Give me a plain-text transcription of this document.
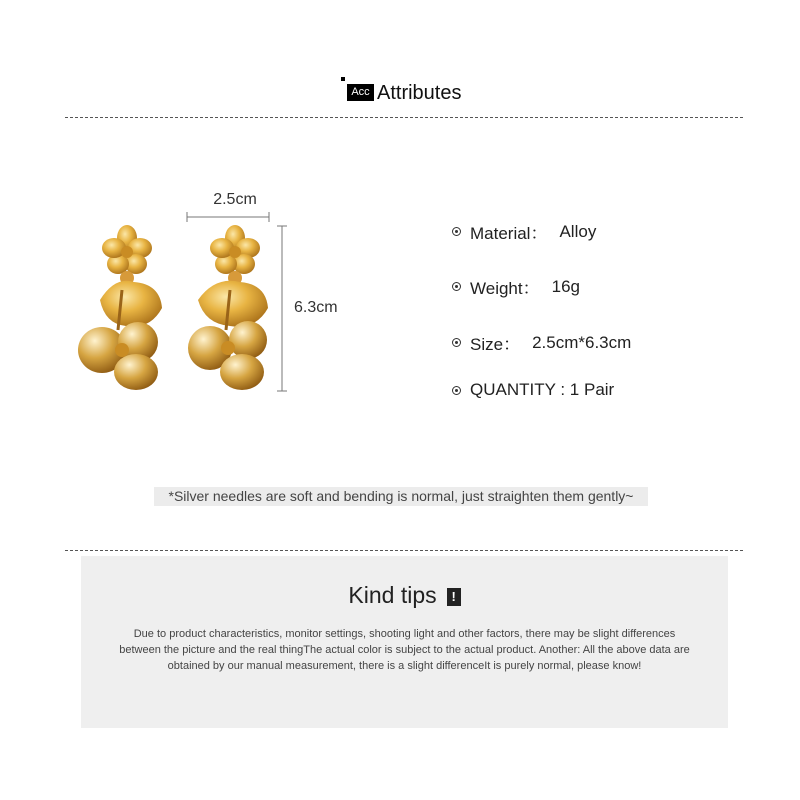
Acc Attributes
2.5cm
6.3cm
Material： Alloy
Weight： 16g
Size： 2.5cm*6.3cm
QUANTITY : 1 Pair
*Silver needles are soft and bending is normal, just straighten them gently~
Kind tips !
Due to product characteristics, monitor settings, shooting light and other factors, there may be slight differences between the picture and the real thingThe actual color is subject to the actual product. Another: All the above data are obtained by our manual measurement, there is a slight differenceIt is purely normal, please know!
